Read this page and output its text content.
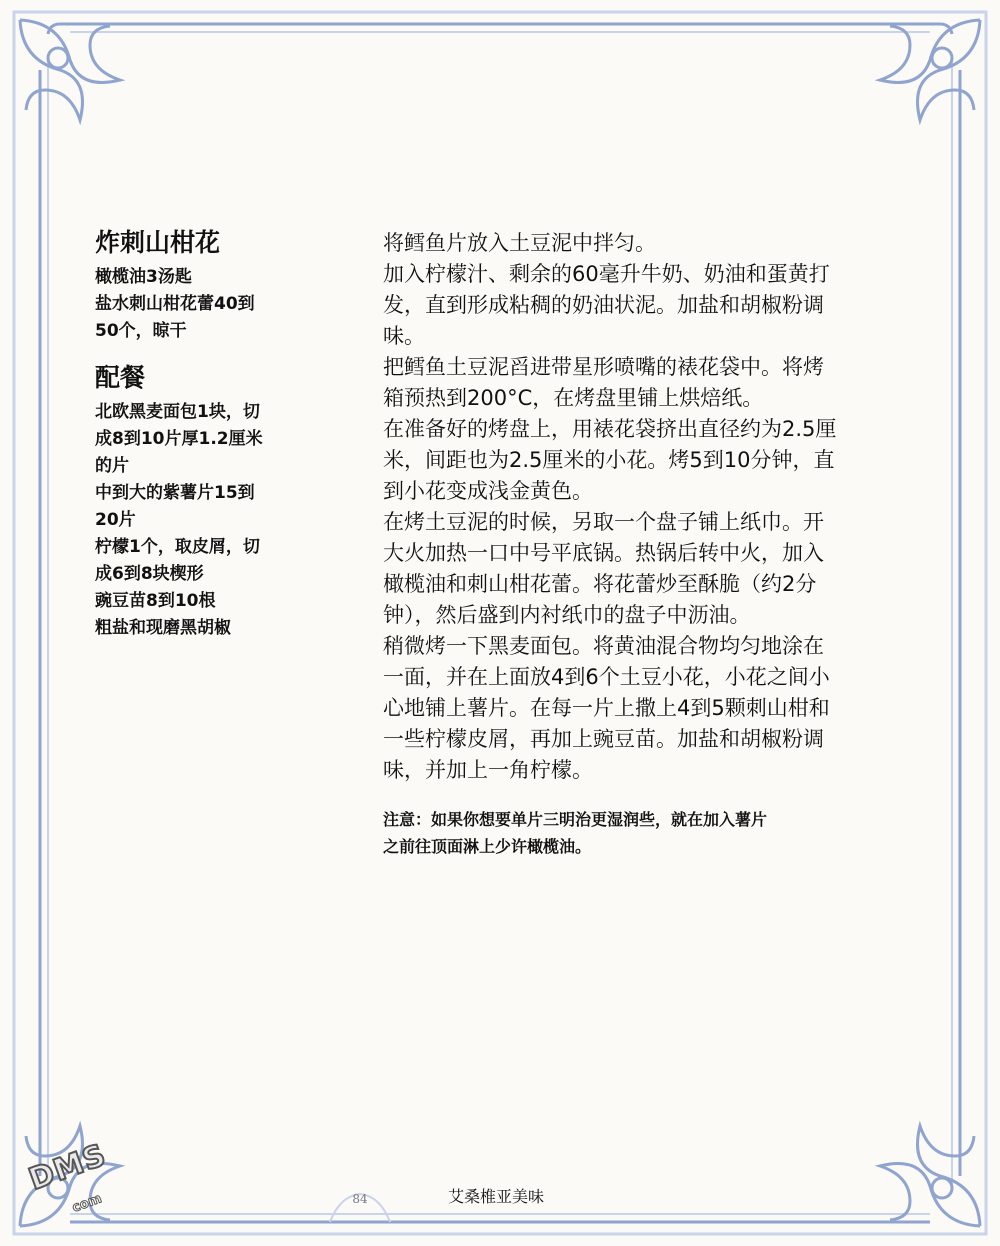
炸刺山柑花

橄榄油3汤匙

盐水刺山柑花蕾40到

50个，晾干

配餐

北欧黑麦面包1块，切

成8到10片厚1.2厘米

的片

中到大的紫薯片15到

20片

柠檬1个，取皮屑，切

成6到8块楔形

豌豆苗8到10根

粗盐和现磨黑胡椒

将鳕鱼片放入土豆泥中拌匀。

加入柠檬汁、剩余的60毫升牛奶、奶油和蛋黄打

发，直到形成粘稠的奶油状泥。加盐和胡椒粉调

味。

把鳕鱼土豆泥舀进带星形喷嘴的裱花袋中。将烤

箱预热到200°C，在烤盘里铺上烘焙纸。

在准备好的烤盘上，用裱花袋挤出直径约为2.5厘

米，间距也为2.5厘米的小花。烤5到10分钟，直

到小花变成浅金黄色。

在烤土豆泥的时候，另取一个盘子铺上纸巾。开

大火加热一口中号平底锅。热锅后转中火，加入

橄榄油和刺山柑花蕾。将花蕾炒至酥脆（约2分

钟），然后盛到内衬纸巾的盘子中沥油。

稍微烤一下黑麦面包。将黄油混合物均匀地涂在

一面，并在上面放4到6个土豆小花，小花之间小

心地铺上薯片。在每一片上撒上4到5颗刺山柑和

一些柠檬皮屑，再加上豌豆苗。加盐和胡椒粉调

味，并加上一角柠檬。

注意：如果你想要单片三明治更湿润些，就在加入薯片
之前往顶面淋上少许橄榄油。
84	艾桑椎亚美味
DMS
com
